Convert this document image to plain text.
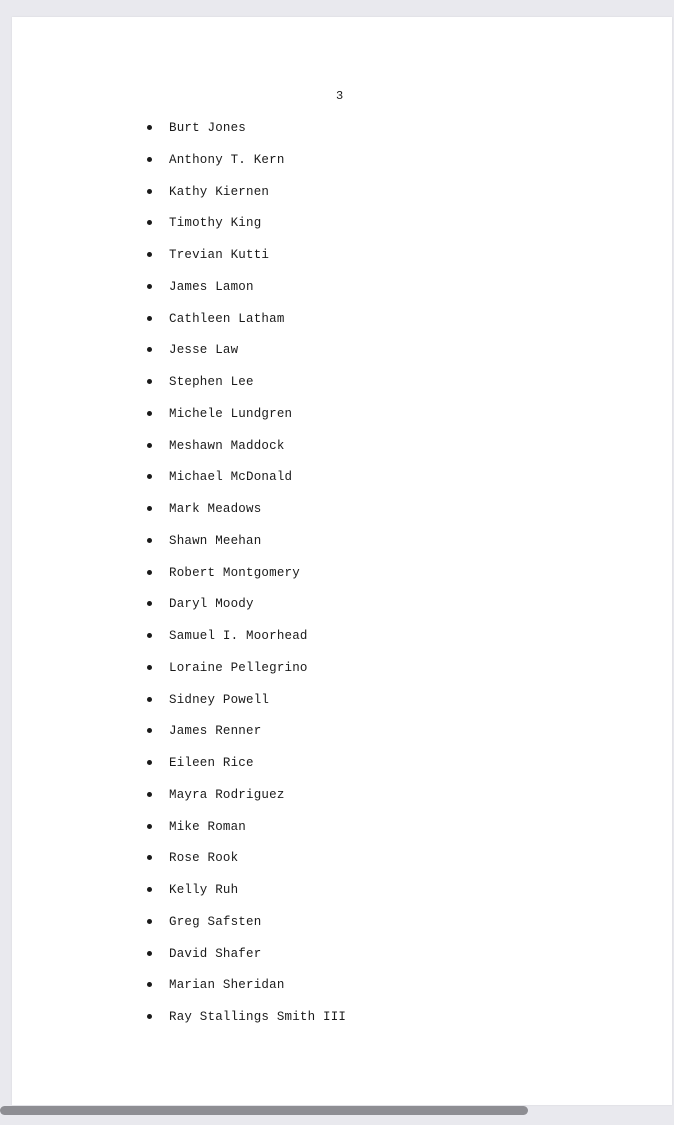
3
Burt Jones
Anthony T. Kern
Kathy Kiernen
Timothy King
Trevian Kutti
James Lamon
Cathleen Latham
Jesse Law
Stephen Lee
Michele Lundgren
Meshawn Maddock
Michael McDonald
Mark Meadows
Shawn Meehan
Robert Montgomery
Daryl Moody
Samuel I. Moorhead
Loraine Pellegrino
Sidney Powell
James Renner
Eileen Rice
Mayra Rodriguez
Mike Roman
Rose Rook
Kelly Ruh
Greg Safsten
David Shafer
Marian Sheridan
Ray Stallings Smith III
